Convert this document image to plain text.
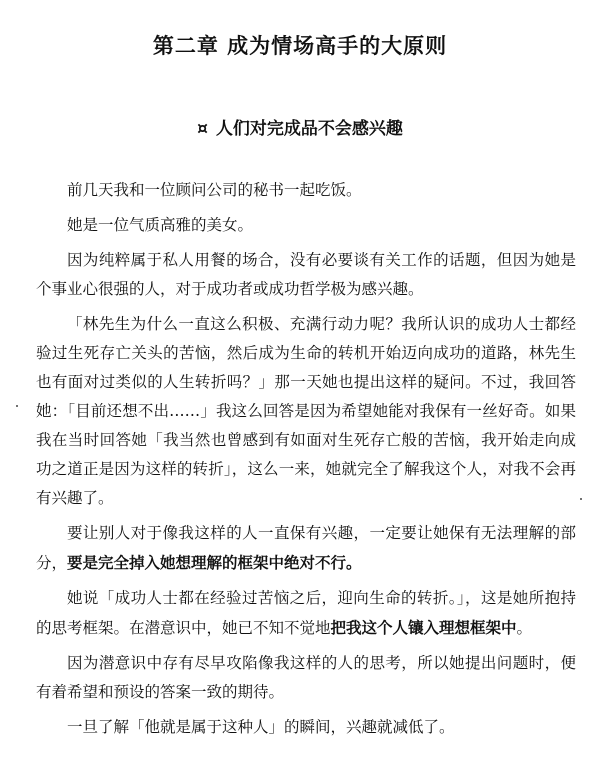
第二章 成为情场高手的大原则
¤ 人们对完成品不会感兴趣

前几天我和一位顾问公司的秘书一起吃饭。

她是一位气质高雅的美女。

因为纯粹属于私人用餐的场合，没有必要谈有关工作的话题，但因为她是个事业心很强的人，对于成功者或成功哲学极为感兴趣。

「林先生为什么一直这么积极、充满行动力呢？我所认识的成功人士都经验过生死存亡关头的苦恼，然后成为生命的转机开始迈向成功的道路，林先生也有面对过类似的人生转折吗？」那一天她也提出这样的疑问。不过，我回答她：「目前还想不出……」我这么回答是因为希望她能对我保有一丝好奇。如果我在当时回答她「我当然也曾感到有如面对生死存亡般的苦恼，我开始走向成功之道正是因为这样的转折」，这么一来，她就完全了解我这个人，对我不会再有兴趣了。

要让别人对于像我这样的人一直保有兴趣，一定要让她保有无法理解的部分，要是完全掉入她想理解的框架中绝对不行。

她说「成功人士都在经验过苦恼之后，迎向生命的转折。」，这是她所抱持的思考框架。在潜意识中，她已不知不觉地把我这个人镶入理想框架中。

因为潜意识中存有尽早攻陷像我这样的人的思考，所以她提出问题时，便有着希望和预设的答案一致的期待。

一旦了解「他就是属于这种人」的瞬间，兴趣就减低了。
